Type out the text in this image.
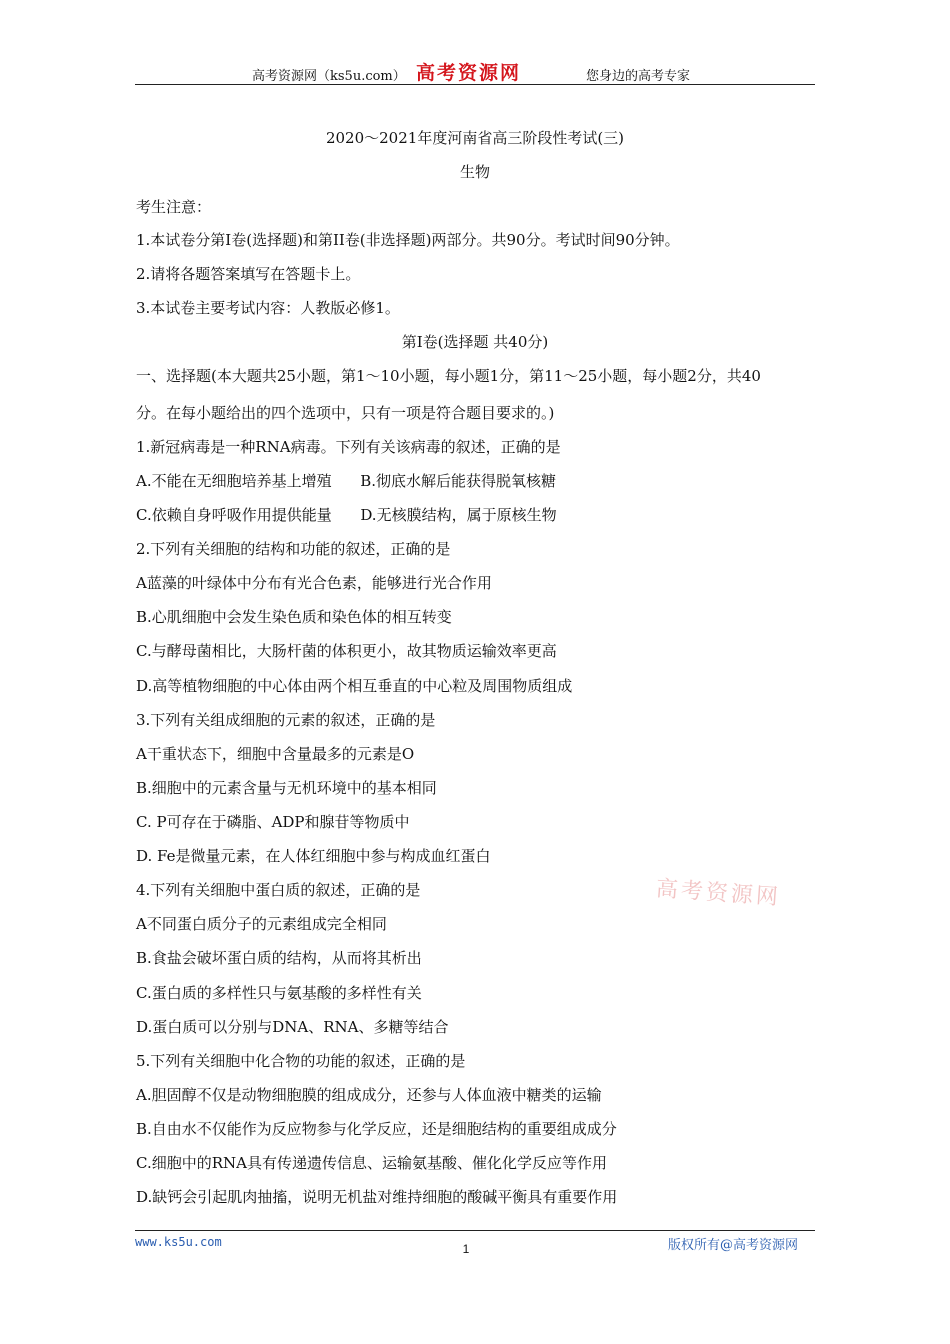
高考资源网（ks5u.com） 高考资源网	您身边的高考专家
2020～2021年度河南省高三阶段性考试(三)
生物
考生注意：
1.本试卷分第I卷(选择题)和第II卷(非选择题)两部分。共90分。考试时间90分钟。
2.请将各题答案填写在答题卡上。
3.本试卷主要考试内容：人教版必修1。
第I卷(选择题 共40分)
一、选择题(本大题共25小题，第1～10小题，每小题1分，第11～25小题，每小题2分，共40
分。在每小题给出的四个选项中，只有一项是符合题目要求的。)
1.新冠病毒是一种RNA病毒。下列有关该病毒的叙述，正确的是
A.不能在无细胞培养基上增殖      B.彻底水解后能获得脱氧核糖
C.依赖自身呼吸作用提供能量      D.无核膜结构，属于原核生物
2.下列有关细胞的结构和功能的叙述，正确的是
A蓝藻的叶绿体中分布有光合色素，能够进行光合作用
B.心肌细胞中会发生染色质和染色体的相互转变
C.与酵母菌相比，大肠杆菌的体积更小，故其物质运输效率更高
D.高等植物细胞的中心体由两个相互垂直的中心粒及周围物质组成
3.下列有关组成细胞的元素的叙述，正确的是
A干重状态下，细胞中含量最多的元素是O
B.细胞中的元素含量与无机环境中的基本相同
C. P可存在于磷脂、ADP和腺苷等物质中
D. Fe是微量元素，在人体红细胞中参与构成血红蛋白
4.下列有关细胞中蛋白质的叙述，正确的是
A不同蛋白质分子的元素组成完全相同
B.食盐会破坏蛋白质的结构，从而将其析出
C.蛋白质的多样性只与氨基酸的多样性有关
D.蛋白质可以分别与DNA、RNA、多糖等结合
5.下列有关细胞中化合物的功能的叙述，正确的是
A.胆固醇不仅是动物细胞膜的组成成分，还参与人体血液中糖类的运输
B.自由水不仅能作为反应物参与化学反应，还是细胞结构的重要组成成分
C.细胞中的RNA具有传递遗传信息、运输氨基酸、催化化学反应等作用
D.缺钙会引起肌肉抽搐，说明无机盐对维持细胞的酸碱平衡具有重要作用
高考资源网
www.ks5u.com	1	版权所有@高考资源网
